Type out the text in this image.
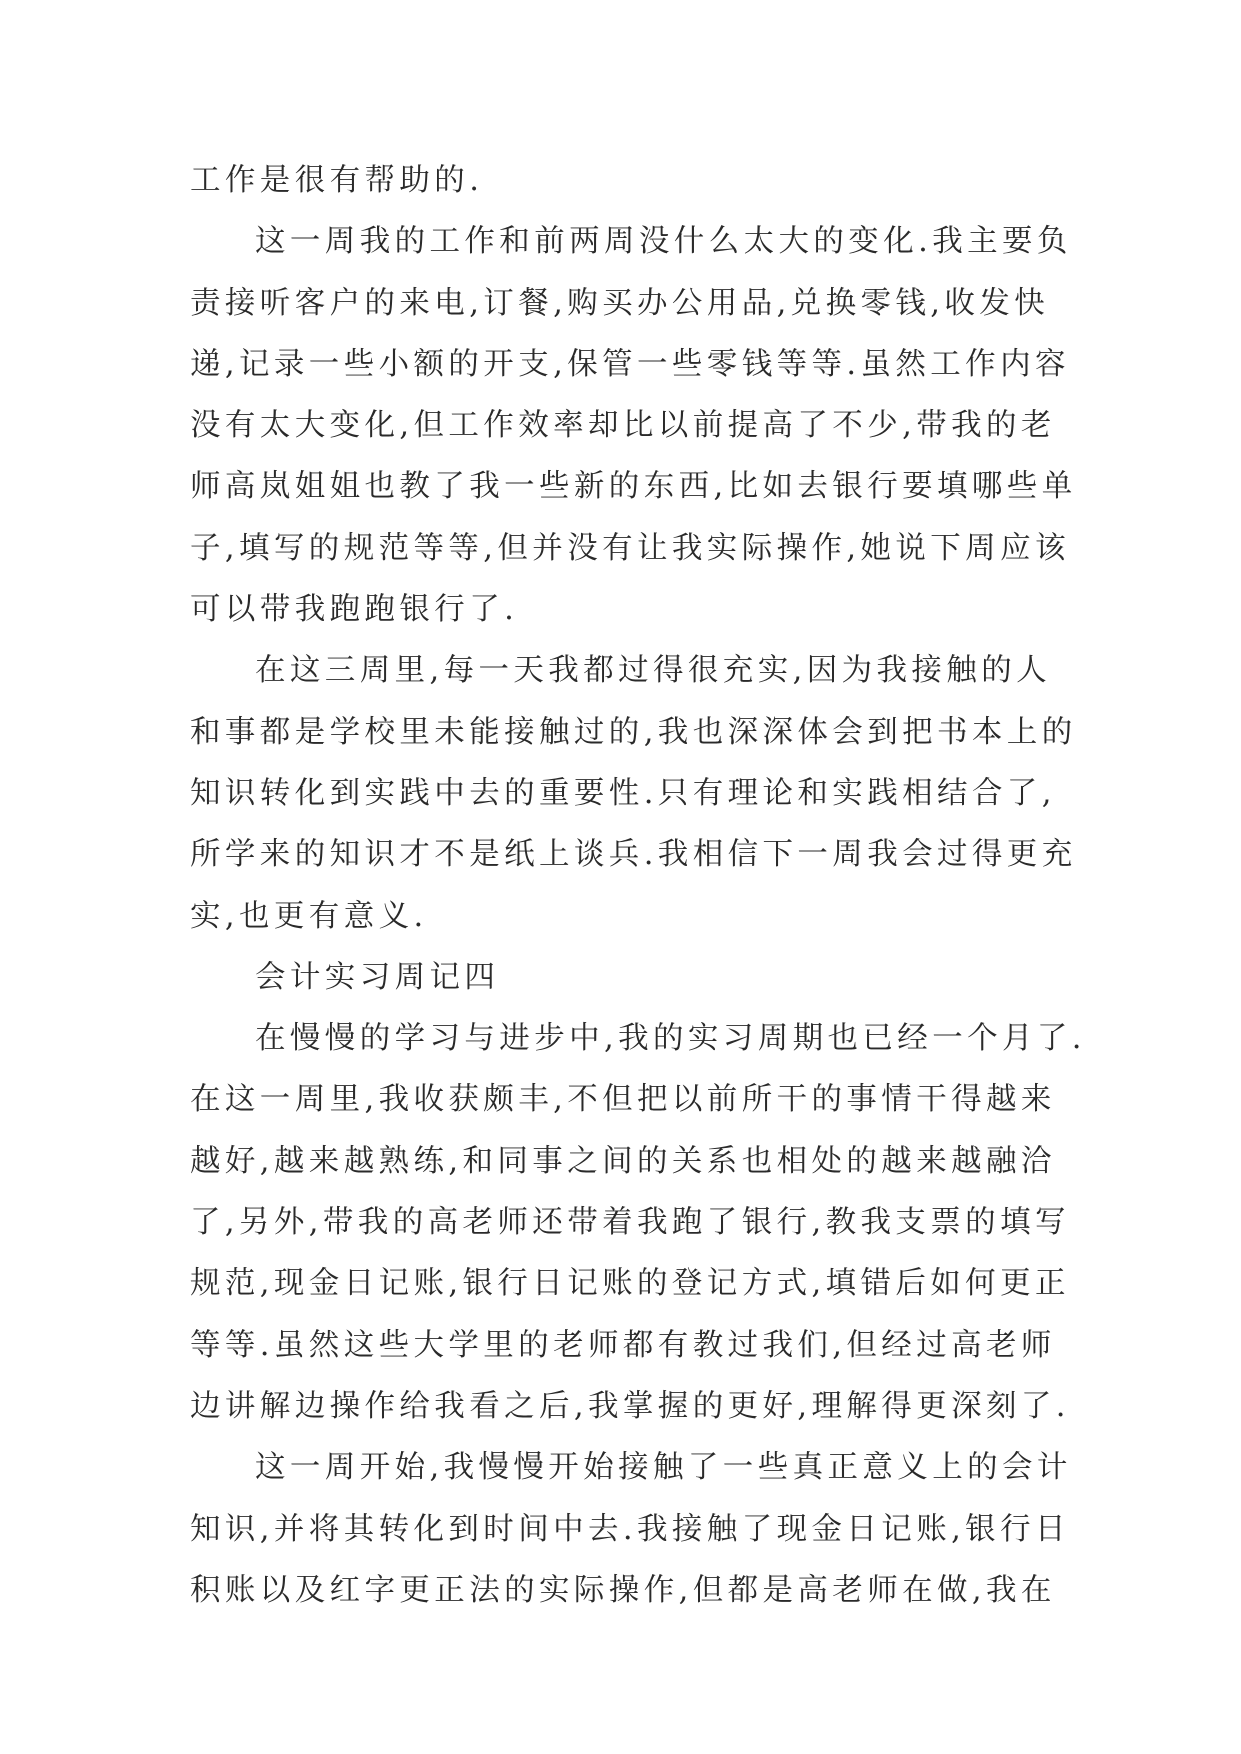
工作是很有帮助的.
这一周我的工作和前两周没什么太大的变化.我主要负
责接听客户的来电,订餐,购买办公用品,兑换零钱,收发快
递,记录一些小额的开支,保管一些零钱等等.虽然工作内容
没有太大变化,但工作效率却比以前提高了不少,带我的老
师高岚姐姐也教了我一些新的东西,比如去银行要填哪些单
子,填写的规范等等,但并没有让我实际操作,她说下周应该
可以带我跑跑银行了.
在这三周里,每一天我都过得很充实,因为我接触的人
和事都是学校里未能接触过的,我也深深体会到把书本上的
知识转化到实践中去的重要性.只有理论和实践相结合了,
所学来的知识才不是纸上谈兵.我相信下一周我会过得更充
实,也更有意义.
会计实习周记四
在慢慢的学习与进步中,我的实习周期也已经一个月了.
在这一周里,我收获颇丰,不但把以前所干的事情干得越来
越好,越来越熟练,和同事之间的关系也相处的越来越融洽
了,另外,带我的高老师还带着我跑了银行,教我支票的填写
规范,现金日记账,银行日记账的登记方式,填错后如何更正
等等.虽然这些大学里的老师都有教过我们,但经过高老师
边讲解边操作给我看之后,我掌握的更好,理解得更深刻了.
这一周开始,我慢慢开始接触了一些真正意义上的会计
知识,并将其转化到时间中去.我接触了现金日记账,银行日
积账以及红字更正法的实际操作,但都是高老师在做,我在
